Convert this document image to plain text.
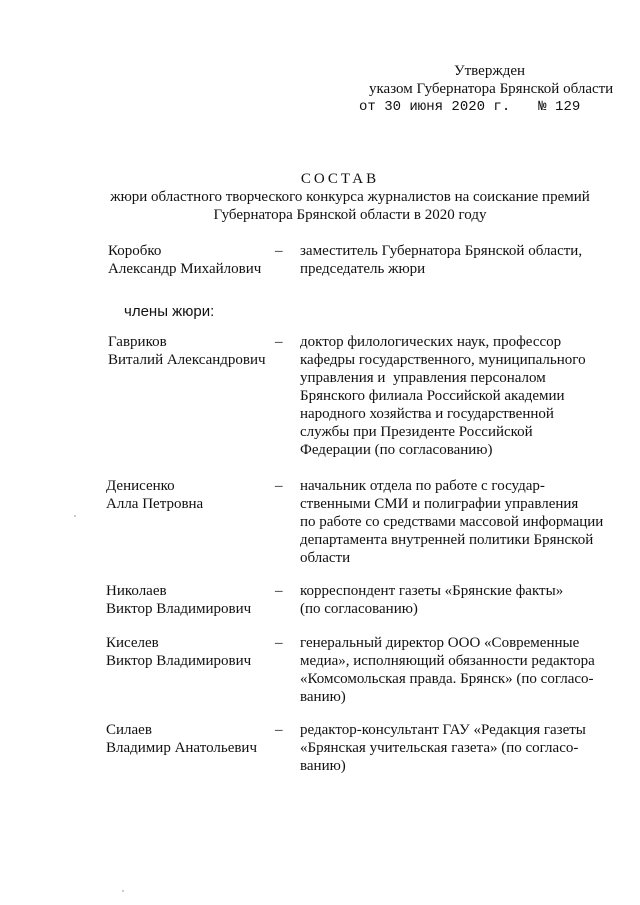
Утвержден
указом Губернатора Брянской области
от 30 июня 2020 г. № 129
СОСТАВ
жюри областного творческого конкурса журналистов на соискание премий
Губернатора Брянской области в 2020 году
Коробко
Александр Михайлович
– заместитель Губернатора Брянской области,
председатель жюри
члены жюри:
Гавриков
Виталий Александрович
– доктор филологических наук, профессор
кафедры государственного, муниципального
управления и  управления персоналом
Брянского филиала Российской академии
народного хозяйства и государственной
службы при Президенте Российской
Федерации (по согласованию)
Денисенко
Алла Петровна
– начальник отдела по работе с государ-
ственными СМИ и полиграфии управления
по работе со средствами массовой информации
департамента внутренней политики Брянской
области
Николаев
Виктор Владимирович
– корреспондент газеты «Брянские факты»
(по согласованию)
Киселев
Виктор Владимирович
– генеральный директор ООО «Современные
медиа», исполняющий обязанности редактора
«Комсомольская правда. Брянск» (по согласо-
ванию)
Силаев
Владимир Анатольевич
– редактор-консультант ГАУ «Редакция газеты
«Брянская учительская газета» (по согласо-
ванию)
